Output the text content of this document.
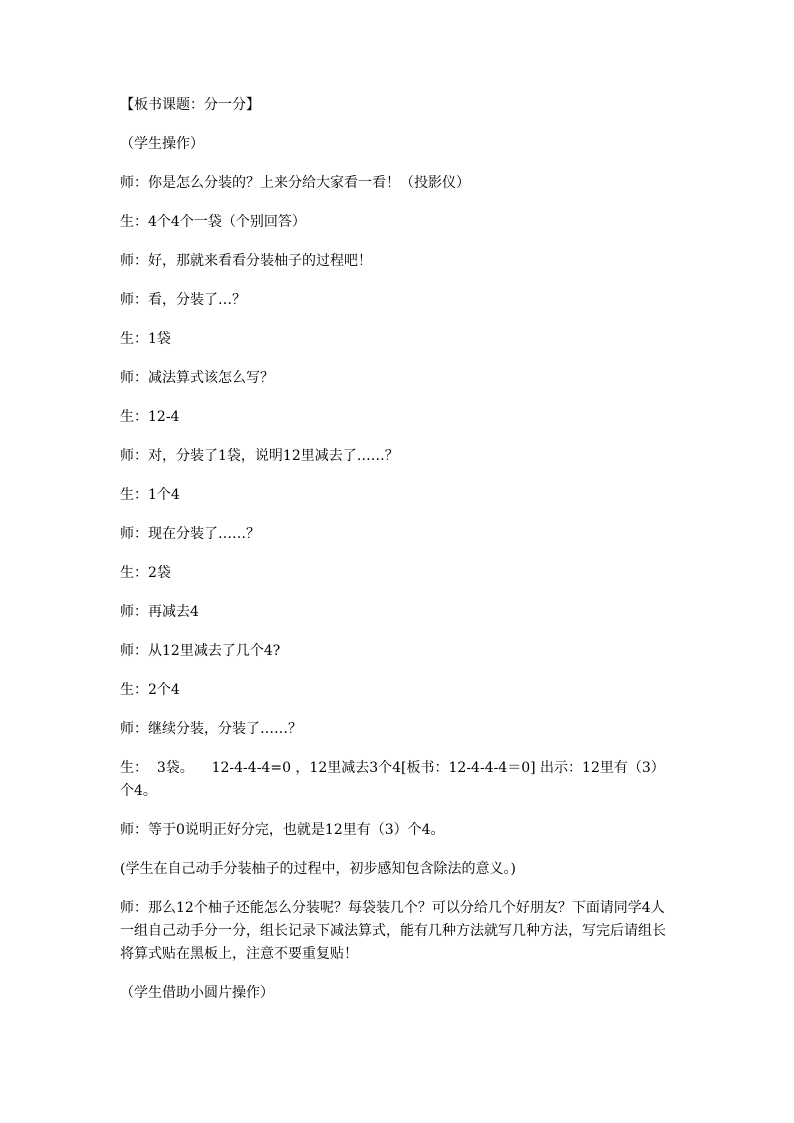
【板书课题：分一分】

（学生操作）

师：你是怎么分装的？上来分给大家看一看！（投影仪）

生：4个4个一袋（个别回答）

师：好，那就来看看分装柚子的过程吧！

师：看，分装了…？

生：1袋

师：减法算式该怎么写？

生：12-4

师：对，分装了1袋，说明12里减去了……？

生：1个4

师：现在分装了……？

生：2袋

师：再减去4

师：从12里减去了几个4?

生：2个4

师：继续分装，分装了……？

生：  3袋。    12-4-4-4=0 ，12里减去3个4[板书：12-4-4-4＝0] 出示：12里有（3）个4。

师：等于0说明正好分完，也就是12里有（3）个4。

(学生在自己动手分装柚子的过程中，初步感知包含除法的意义。)

师：那么12个柚子还能怎么分装呢？每袋装几个？可以分给几个好朋友？下面请同学4人一组自己动手分一分，组长记录下减法算式，能有几种方法就写几种方法，写完后请组长将算式贴在黑板上，注意不要重复贴！

（学生借助小圆片操作）
